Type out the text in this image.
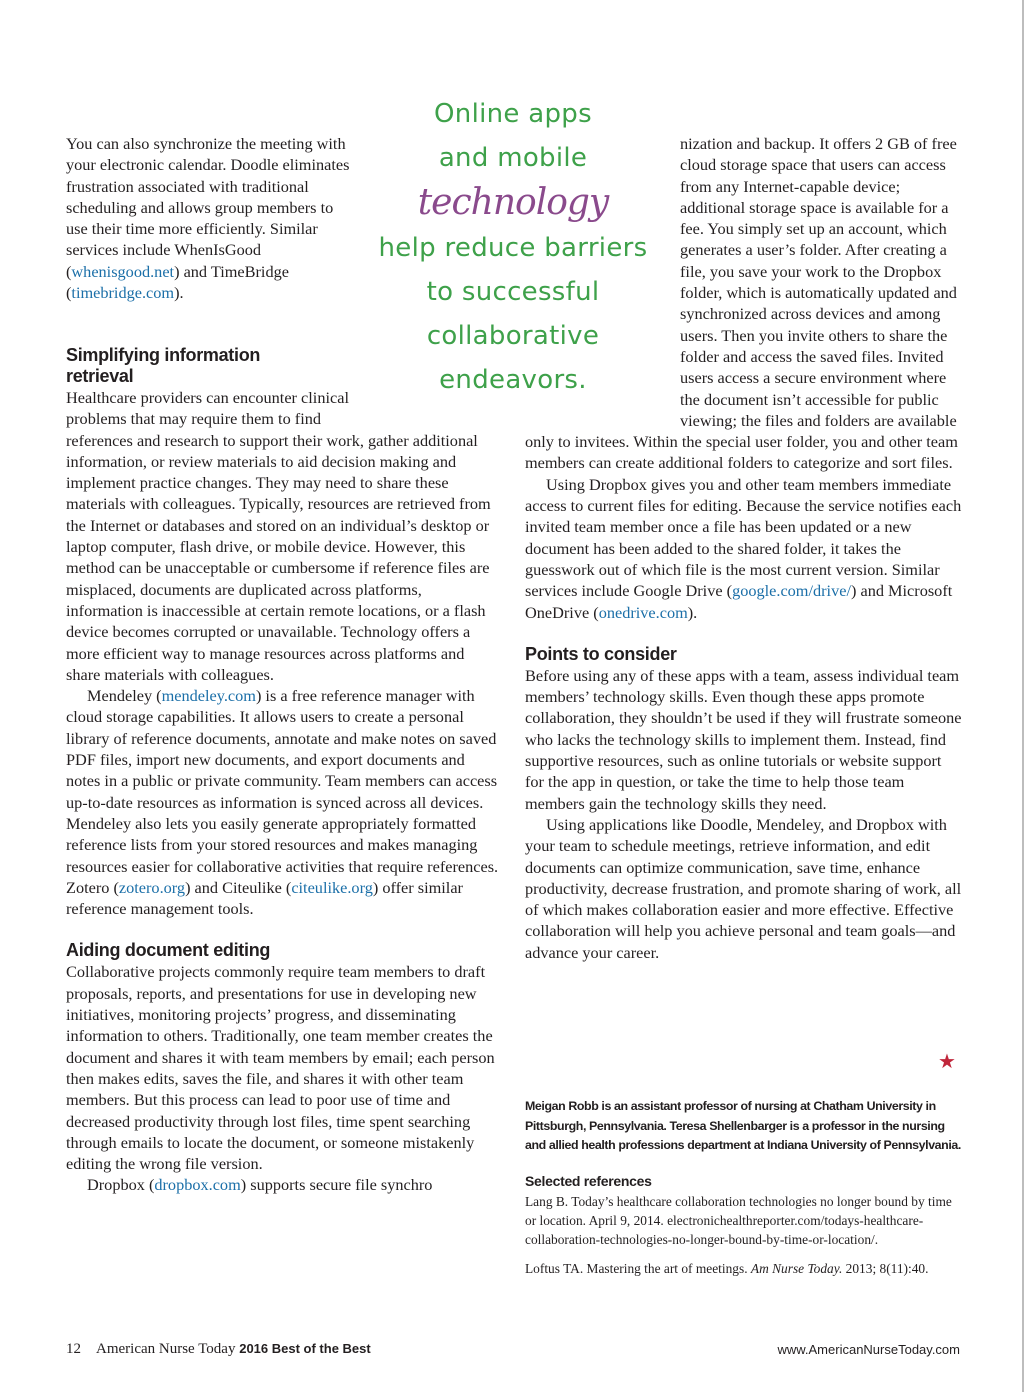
You can also synchronize the meeting with your electronic calendar. Doodle eliminates frustration associated with traditional scheduling and allows group members to use their time more efficiently. Similar services include WhenIsGood (whenisgood.net) and TimeBridge (timebridge.com).

Online apps
and mobile
technology
help reduce barriers
to successful
collaborative
endeavors.
Simplifying information retrieval

Healthcare providers can encounter clinical problems that may require them to find references and research to support their work, gather additional information, or review materials to aid decision making and implement practice changes. They may need to share these materials with colleagues. Typically, resources are retrieved from the Internet or databases and stored on an individual’s desktop or laptop computer, flash drive, or mobile device. However, this method can be unacceptable or cumbersome if reference files are misplaced, documents are duplicated across platforms, information is inaccessible at certain remote locations, or a flash device becomes corrupted or unavailable. Technology offers a more efficient way to manage resources across platforms and share materials with colleagues.

Mendeley (mendeley.com) is a free reference manager with cloud storage capabilities. It allows users to create a personal library of reference documents, annotate and make notes on saved PDF files, import new documents, and export documents and notes in a public or private community. Team members can access up-to-date resources as information is synced across all devices. Mendeley also lets you easily generate appropriately formatted reference lists from your stored resources and makes managing resources easier for collaborative activities that require references. Zotero (zotero.org) and Citeulike (citeulike.org) offer similar reference management tools.

Aiding document editing

Collaborative projects commonly require team members to draft proposals, reports, and presentations for use in developing new initiatives, monitoring projects’ progress, and disseminating information to others. Traditionally, one team member creates the document and shares it with team members by email; each person then makes edits, saves the file, and shares it with other team members. But this process can lead to poor use of time and decreased productivity through lost files, time spent searching through emails to locate the document, or someone mistakenly editing the wrong file version.

Dropbox (dropbox.com) supports secure file synchro

nization and backup. It offers 2 GB of free cloud storage space that users can access from any Internet-capable device; additional storage space is available for a fee. You simply set up an account, which generates a user’s folder. After creating a file, you save your work to the Dropbox folder, which is automatically updated and synchronized across devices and among users. Then you invite others to share the folder and access the saved files. Invited users access a secure environment where the document isn’t accessible for public viewing; the files and folders are available only to invitees. Within the special user folder, you and other team members can create additional folders to categorize and sort files.

Using Dropbox gives you and other team members immediate access to current files for editing. Because the service notifies each invited team member once a file has been updated or a new document has been added to the shared folder, it takes the guesswork out of which file is the most current version. Similar services include Google Drive (google.com/drive/) and Microsoft OneDrive (onedrive.com).

Points to consider

Before using any of these apps with a team, assess individual team members’ technology skills. Even though these apps promote collaboration, they shouldn’t be used if they will frustrate someone who lacks the technology skills to implement them. Instead, find supportive resources, such as online tutorials or website support for the app in question, or take the time to help those team members gain the technology skills they need.

Using applications like Doodle, Mendeley, and Dropbox with your team to schedule meetings, retrieve information, and edit documents can optimize communication, save time, enhance productivity, decrease frustration, and promote sharing of work, all of which makes collaboration easier and more effective. Effective collaboration will help you achieve personal and team goals—and advance your career.

★
Meigan Robb is an assistant professor of nursing at Chatham University in Pittsburgh, Pennsylvania. Teresa Shellenbarger is a professor in the nursing and allied health professions department at Indiana University of Pennsylvania.
Selected references

Lang B. Today’s healthcare collaboration technologies no longer bound by time or location. April 9, 2014. electronichealthreporter.com/todays-healthcare-collaboration-technologies-no-longer-bound-by-time-or-location/.

Loftus TA. Mastering the art of meetings. Am Nurse Today. 2013; 8(11):40.

12 American Nurse Today 2016 Best of the Best	www.AmericanNurseToday.com
